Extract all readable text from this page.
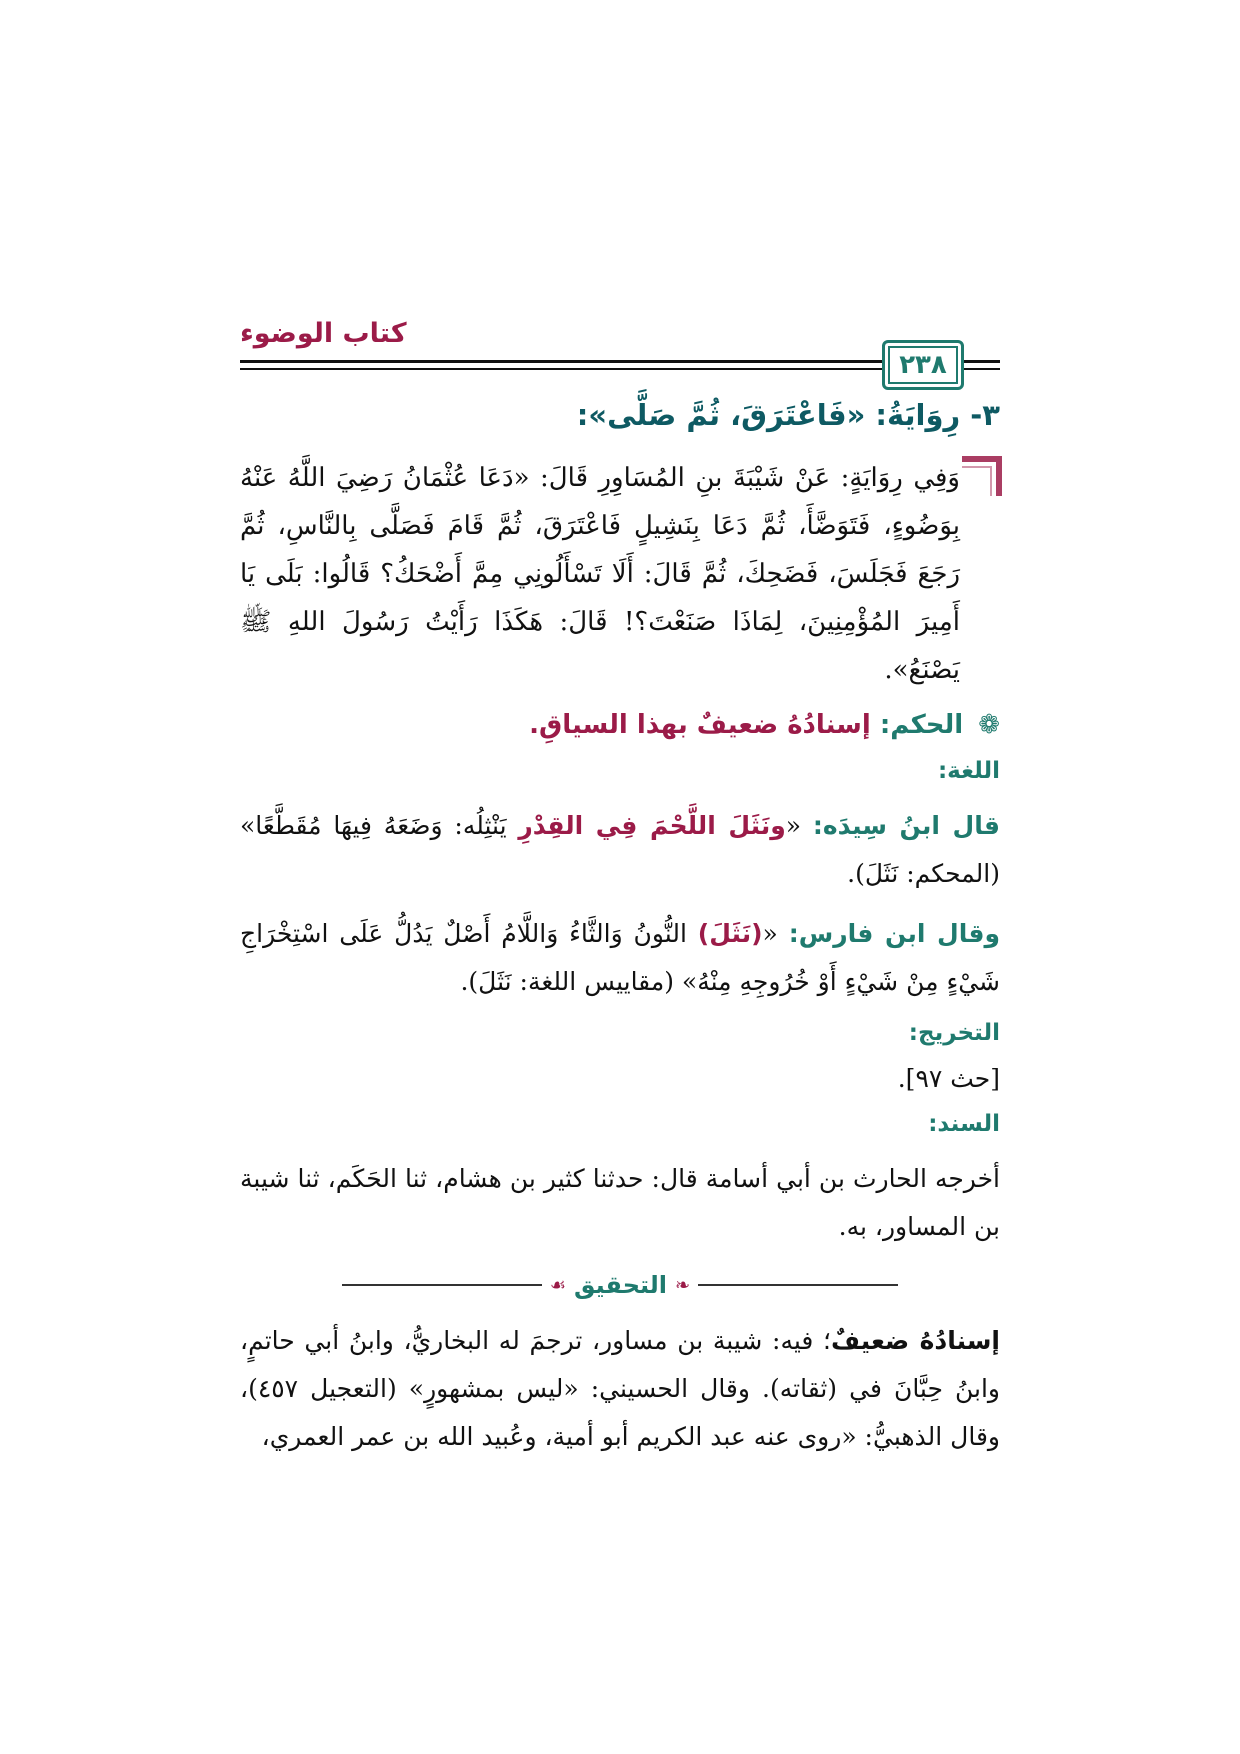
كتاب الوضوء
٢٣٨
٣- رِوَايَةُ: «فَاعْتَرَقَ، ثُمَّ صَلَّى»:
وَفِي رِوَايَةٍ: عَنْ شَيْبَةَ بنِ المُسَاوِرِ قَالَ: «دَعَا عُثْمَانُ رَضِيَ اللَّهُ عَنْهُ بِوَضُوءٍ، فَتَوَضَّأَ، ثُمَّ دَعَا بِنَشِيلٍ فَاعْتَرَقَ، ثُمَّ قَامَ فَصَلَّى بِالنَّاسِ، ثُمَّ رَجَعَ فَجَلَسَ، فَضَحِكَ، ثُمَّ قَالَ: أَلَا تَسْأَلُونِي مِمَّ أَضْحَكُ؟ قَالُوا: بَلَى يَا أَمِيرَ المُؤْمِنِينَ، لِمَاذَا صَنَعْتَ؟! قَالَ: هَكَذَا رَأَيْتُ رَسُولَ اللهِ ﷺ يَصْنَعُ».
❁ الحكم: إسنادُهُ ضعيفٌ بهذا السياقِ.
اللغة:

قال ابنُ سِيدَه: «ونَثَلَ اللَّحْمَ فِي القِدْرِ يَنْثِلُه: وَضَعَهُ فِيهَا مُقَطَّعًا» (المحكم: نَثَلَ).

وقال ابن فارس: «(نَثَلَ) النُّونُ وَالثَّاءُ وَاللَّامُ أَصْلٌ يَدُلُّ عَلَى اسْتِخْرَاجِ شَيْءٍ مِنْ شَيْءٍ أَوْ خُرُوجِهِ مِنْهُ» (مقاييس اللغة: نَثَلَ).

التخريج:
[حث ٩٧].
السند:

أخرجه الحارث بن أبي أسامة قال: حدثنا كثير بن هشام، ثنا الحَكَم، ثنا شيبة بن المساور، به.

❧
التحقيق
☙

إسنادُهُ ضعيفٌ؛ فيه: شيبة بن مساور، ترجمَ له البخاريُّ، وابنُ أبي حاتمٍ، وابنُ حِبَّانَ في (ثقاته). وقال الحسيني: «ليس بمشهورٍ» (التعجيل ٤٥٧)، وقال الذهبيُّ: «روى عنه عبد الكريم أبو أمية، وعُبيد الله بن عمر العمري،
